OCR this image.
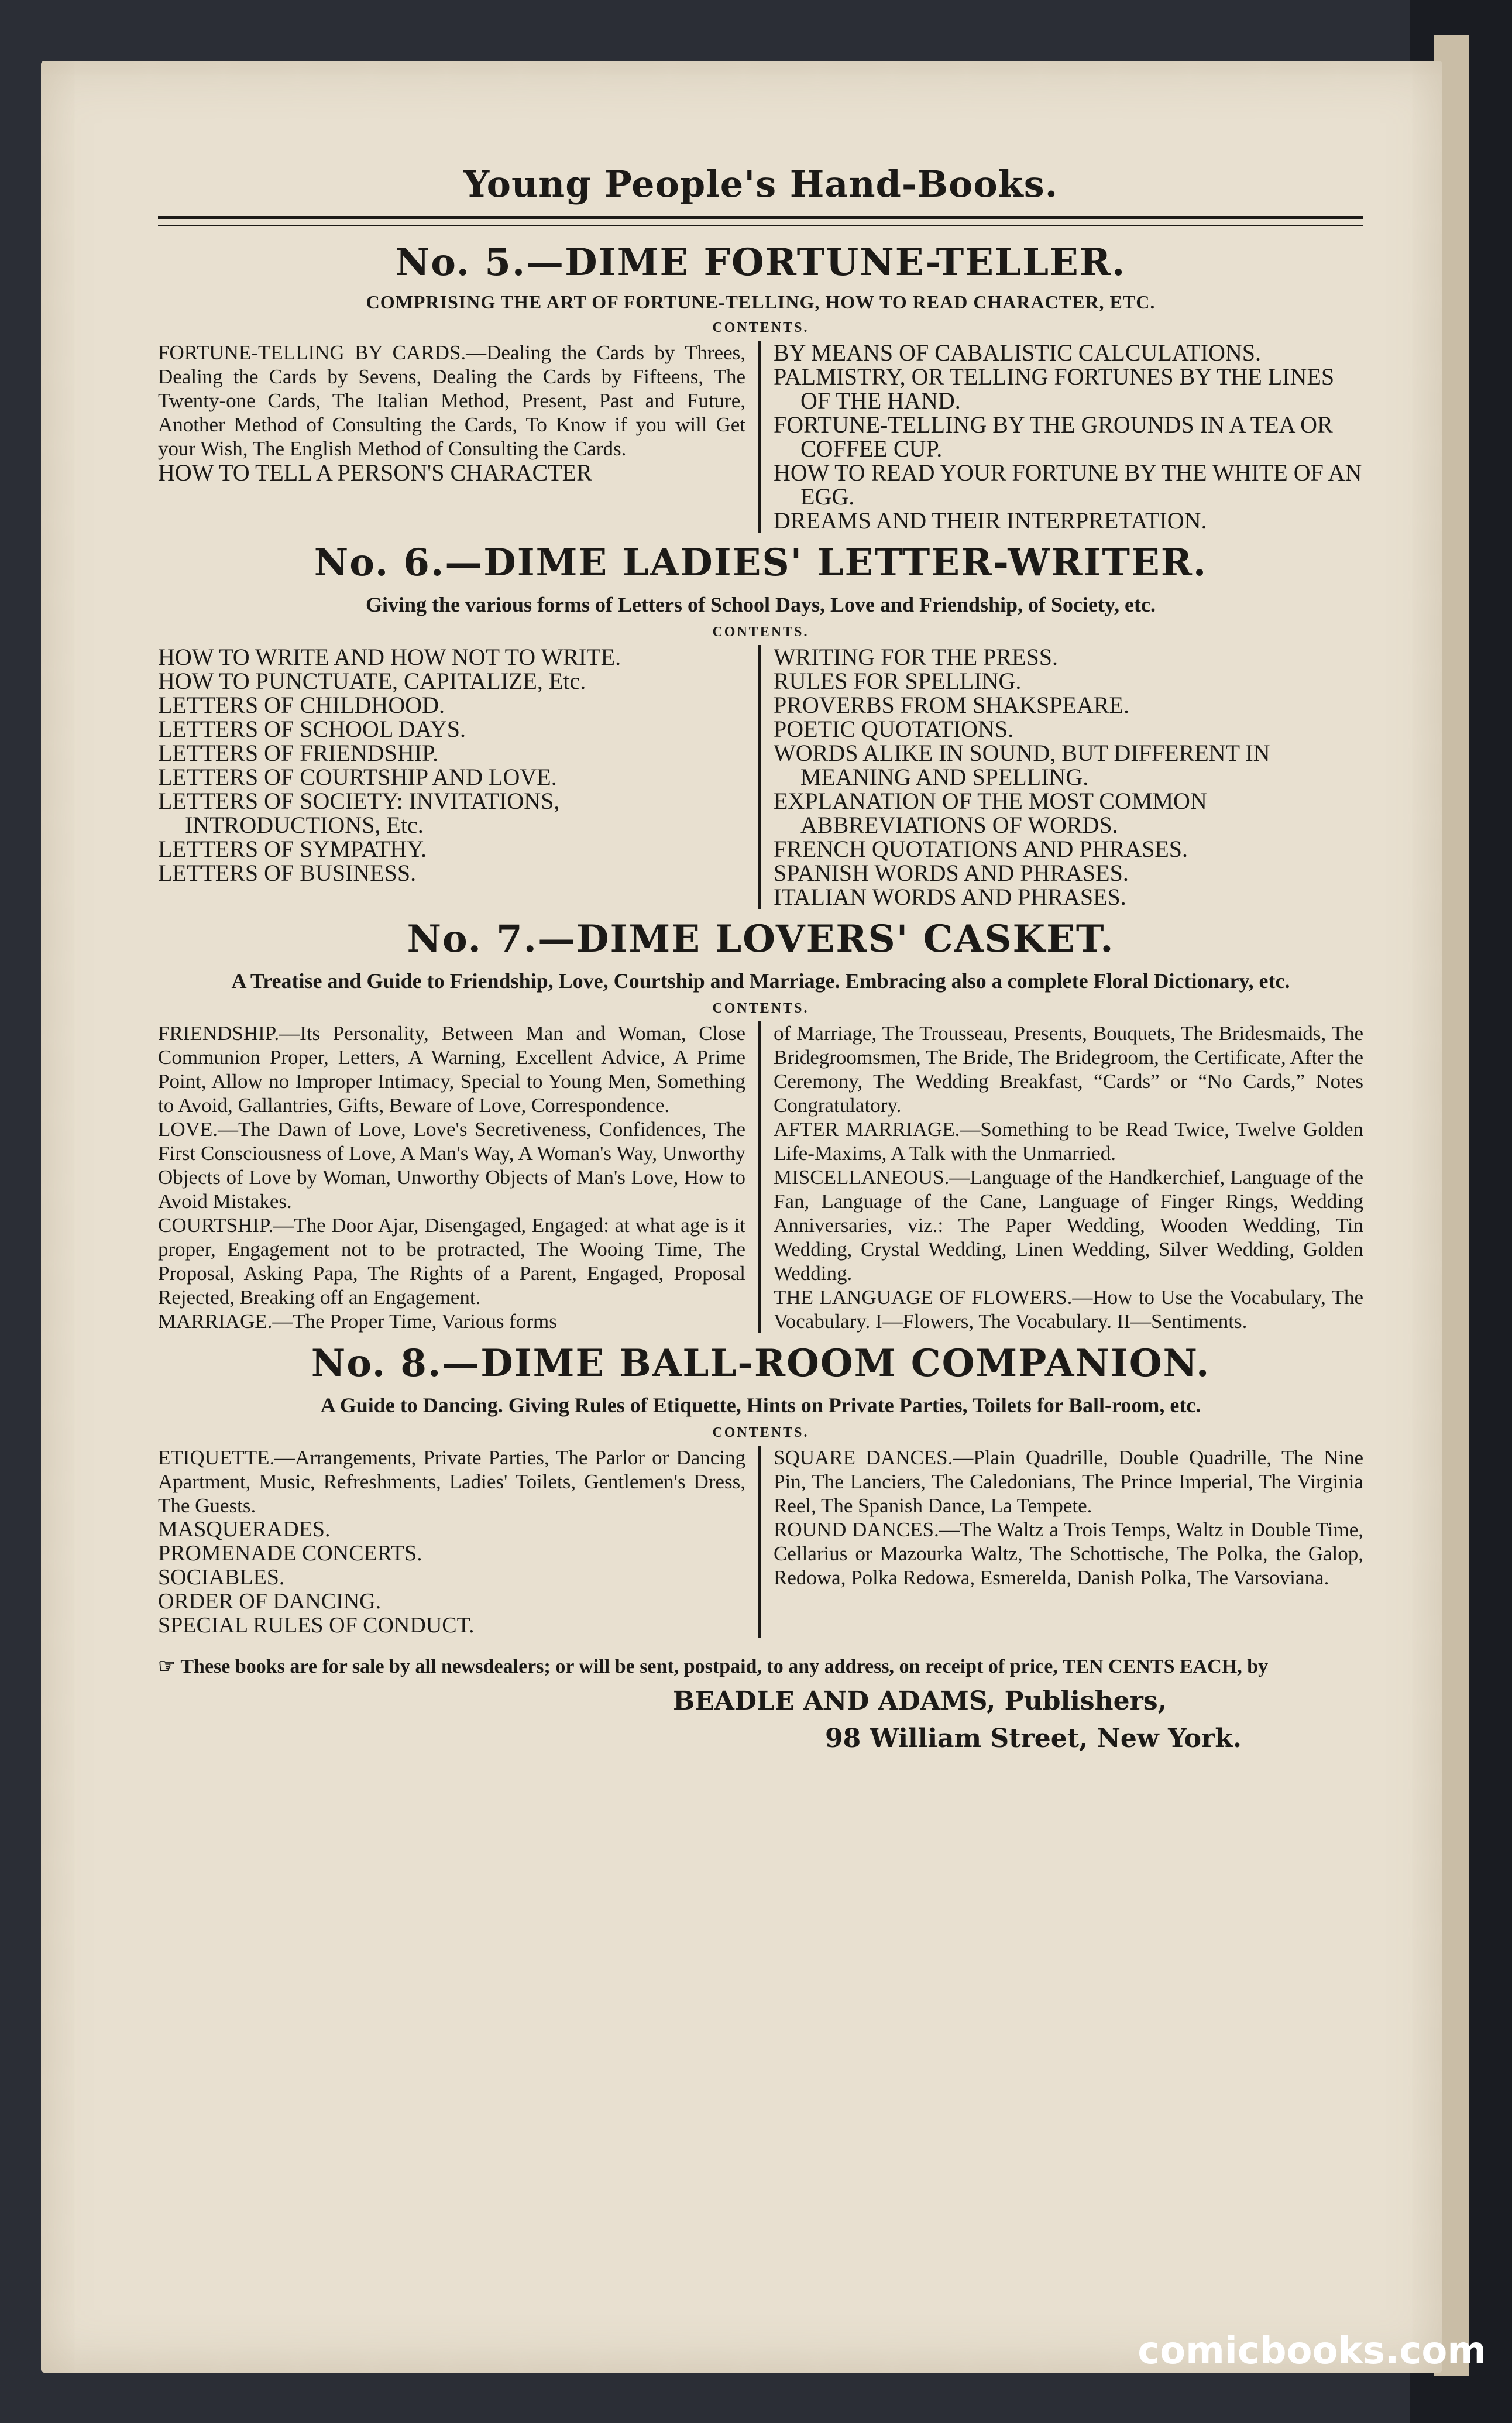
Young People's Hand-Books.
No. 5.—DIME FORTUNE-TELLER.
COMPRISING THE ART OF FORTUNE-TELLING, HOW TO READ CHARACTER, ETC.
CONTENTS.

FORTUNE-TELLING BY CARDS.—Dealing the Cards by Threes, Dealing the Cards by Sevens, Dealing the Cards by Fifteens, The Twenty-one Cards, The Italian Method, Present, Past and Future, Another Method of Consulting the Cards, To Know if you will Get your Wish, The English Method of Consulting the Cards.

HOW TO TELL A PERSON'S CHARACTER

BY MEANS OF CABALISTIC CALCULATIONS.

PALMISTRY, OR TELLING FORTUNES BY THE LINES OF THE HAND.

FORTUNE-TELLING BY THE GROUNDS IN A TEA OR COFFEE CUP.

HOW TO READ YOUR FORTUNE BY THE WHITE OF AN EGG.

DREAMS AND THEIR INTERPRETATION.

No. 6.—DIME LADIES' LETTER-WRITER.
Giving the various forms of Letters of School Days, Love and Friendship, of Society, etc.
CONTENTS.

HOW TO WRITE AND HOW NOT TO WRITE.

HOW TO PUNCTUATE, CAPITALIZE, Etc.

LETTERS OF CHILDHOOD.

LETTERS OF SCHOOL DAYS.

LETTERS OF FRIENDSHIP.

LETTERS OF COURTSHIP AND LOVE.

LETTERS OF SOCIETY: INVITATIONS, INTRODUCTIONS, Etc.

LETTERS OF SYMPATHY.

LETTERS OF BUSINESS.

WRITING FOR THE PRESS.

RULES FOR SPELLING.

PROVERBS FROM SHAKSPEARE.

POETIC QUOTATIONS.

WORDS ALIKE IN SOUND, BUT DIFFERENT IN MEANING AND SPELLING.

EXPLANATION OF THE MOST COMMON ABBREVIATIONS OF WORDS.

FRENCH QUOTATIONS AND PHRASES.

SPANISH WORDS AND PHRASES.

ITALIAN WORDS AND PHRASES.

No. 7.—DIME LOVERS' CASKET.
A Treatise and Guide to Friendship, Love, Courtship and Marriage. Embracing also a complete Floral Dictionary, etc.
CONTENTS.

FRIENDSHIP.—Its Personality, Between Man and Woman, Close Communion Proper, Letters, A Warning, Excellent Advice, A Prime Point, Allow no Improper Intimacy, Special to Young Men, Something to Avoid, Gallantries, Gifts, Beware of Love, Correspondence.

LOVE.—The Dawn of Love, Love's Secretiveness, Confidences, The First Consciousness of Love, A Man's Way, A Woman's Way, Unworthy Objects of Love by Woman, Unworthy Objects of Man's Love, How to Avoid Mistakes.

COURTSHIP.—The Door Ajar, Disengaged, Engaged: at what age is it proper, Engagement not to be protracted, The Wooing Time, The Proposal, Asking Papa, The Rights of a Parent, Engaged, Proposal Rejected, Breaking off an Engagement.

MARRIAGE.—The Proper Time, Various forms

of Marriage, The Trousseau, Presents, Bouquets, The Bridesmaids, The Bridegroomsmen, The Bride, The Bridegroom, the Certificate, After the Ceremony, The Wedding Breakfast, “Cards” or “No Cards,” Notes Congratulatory.

AFTER MARRIAGE.—Something to be Read Twice, Twelve Golden Life-Maxims, A Talk with the Unmarried.

MISCELLANEOUS.—Language of the Handkerchief, Language of the Fan, Language of the Cane, Language of Finger Rings, Wedding Anniversaries, viz.: The Paper Wedding, Wooden Wedding, Tin Wedding, Crystal Wedding, Linen Wedding, Silver Wedding, Golden Wedding.

THE LANGUAGE OF FLOWERS.—How to Use the Vocabulary, The Vocabulary. I—Flowers, The Vocabulary. II—Sentiments.

No. 8.—DIME BALL-ROOM COMPANION.
A Guide to Dancing. Giving Rules of Etiquette, Hints on Private Parties, Toilets for Ball-room, etc.
CONTENTS.

ETIQUETTE.—Arrangements, Private Parties, The Parlor or Dancing Apartment, Music, Refreshments, Ladies' Toilets, Gentlemen's Dress, The Guests.

MASQUERADES.

PROMENADE CONCERTS.

SOCIABLES.

ORDER OF DANCING.

SPECIAL RULES OF CONDUCT.

SQUARE DANCES.—Plain Quadrille, Double Quadrille, The Nine Pin, The Lanciers, The Caledonians, The Prince Imperial, The Virginia Reel, The Spanish Dance, La Tempete.

ROUND DANCES.—The Waltz a Trois Temps, Waltz in Double Time, Cellarius or Mazourka Waltz, The Schottische, The Polka, the Galop, Redowa, Polka Redowa, Esmerelda, Danish Polka, The Varsoviana.

☞ These books are for sale by all newsdealers; or will be sent, postpaid, to any address, on receipt of price, TEN CENTS EACH, by
BEADLE AND ADAMS, Publishers,
98 William Street, New York.
comicbooks.com
